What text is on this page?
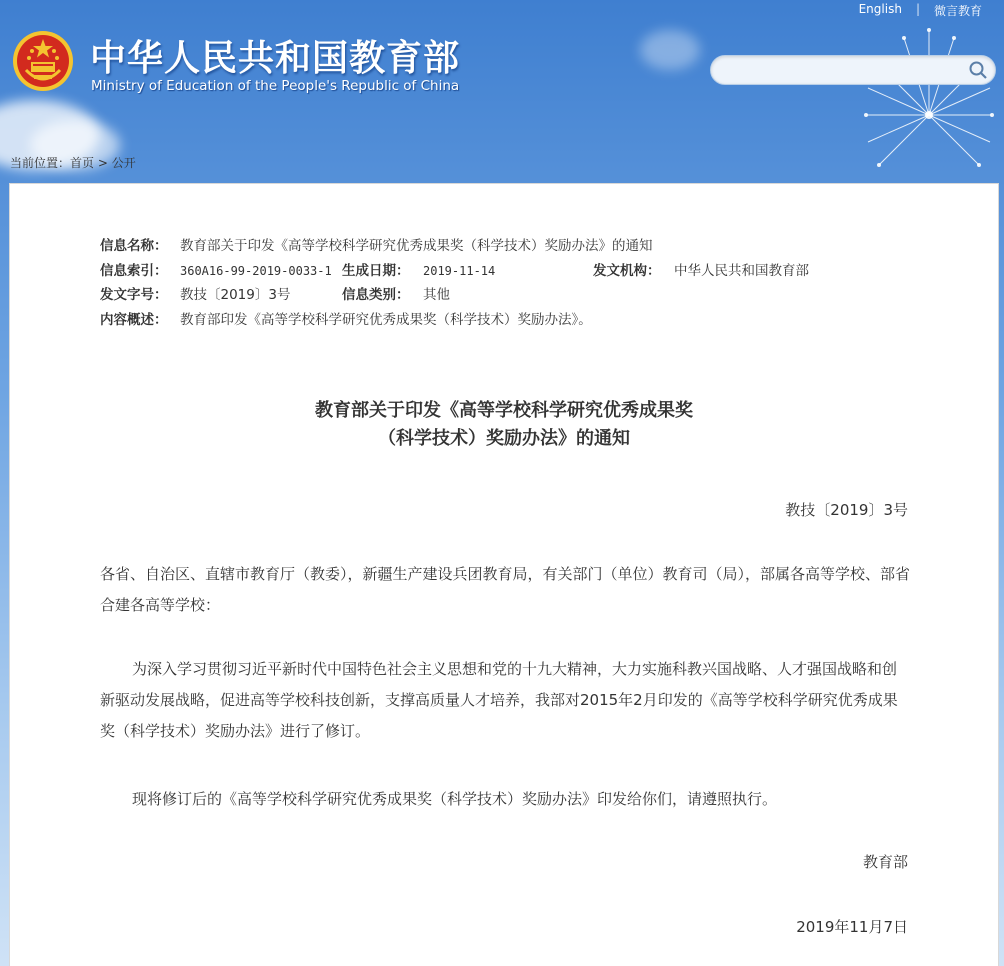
English | 微言教育
中华人民共和国教育部
Ministry of Education of the People's Republic of China
当前位置：首页 > 公开
信息名称： 教育部关于印发《高等学校科学研究优秀成果奖（科学技术）奖励办法》的通知
信息索引： 360A16-99-2019-0033-1 生成日期： 2019-11-14	发文机构： 中华人民共和国教育部
发文字号： 教技〔2019〕3号	信息类别： 其他
内容概述： 教育部印发《高等学校科学研究优秀成果奖（科学技术）奖励办法》。
教育部关于印发《高等学校科学研究优秀成果奖
（科学技术）奖励办法》的通知
教技〔2019〕3号
各省、自治区、直辖市教育厅（教委），新疆生产建设兵团教育局，有关部门（单位）教育司（局），部属各高等学校、部省合建各高等学校：
为深入学习贯彻习近平新时代中国特色社会主义思想和党的十九大精神，大力实施科教兴国战略、人才强国战略和创新驱动发展战略，促进高等学校科技创新，支撑高质量人才培养，我部对2015年2月印发的《高等学校科学研究优秀成果奖（科学技术）奖励办法》进行了修订。
现将修订后的《高等学校科学研究优秀成果奖（科学技术）奖励办法》印发给你们，请遵照执行。
教育部
2019年11月7日
